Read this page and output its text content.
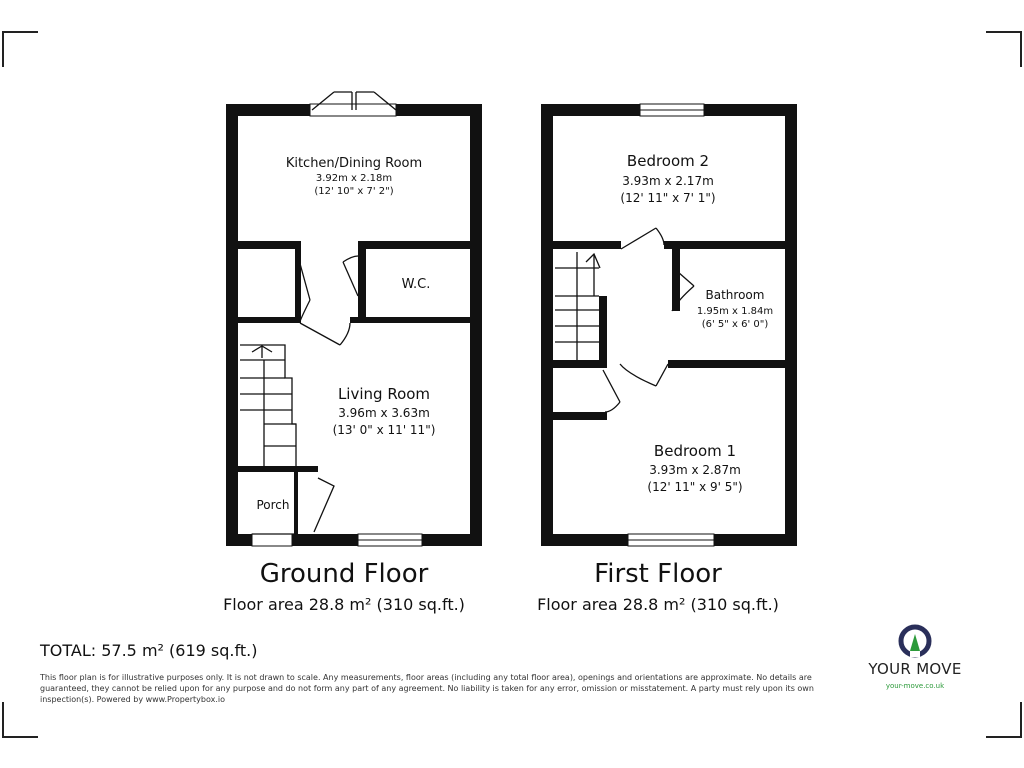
Kitchen/Dining Room
3.92m x 2.18m
(12' 10" x 7' 2")
W.C.
Living Room
3.96m x 3.63m
(13' 0" x 11' 11")
Porch
Bedroom 2
3.93m x 2.17m
(12' 11" x 7' 1")
Bathroom
1.95m x 1.84m
(6' 5" x 6' 0")
Bedroom 1
3.93m x 2.87m
(12' 11" x 9' 5")
Ground Floor
Floor area 28.8 m² (310 sq.ft.)
First Floor
Floor area 28.8 m² (310 sq.ft.)
TOTAL: 57.5 m² (619 sq.ft.)
This floor plan is for illustrative purposes only. It is not drawn to scale. Any measurements, floor areas (including any total floor area), openings and orientations are approximate. No details are guaranteed, they cannot be relied upon for any purpose and do not form any part of any agreement. No liability is taken for any error, omission or misstatement. A party must rely upon its own inspection(s). Powered by www.Propertybox.io
YOUR MOVE
your-move.co.uk
